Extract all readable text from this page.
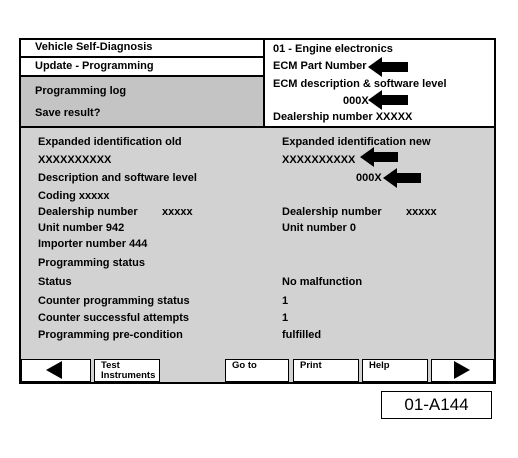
Vehicle Self-Diagnosis
Update - Programming
Programming log
Save result?
01 - Engine electronics
ECM Part Number
ECM description & software level
000X
Dealership number XXXXX
Expanded identification old	Expanded identification new
XXXXXXXXXX	XXXXXXXXXX
Description and software level	000X
Coding xxxxx
Dealership number xxxxx	Dealership number xxxxx
Unit number 942	Unit number 0
Importer number 444
Programming status
Status	No malfunction
Counter programming status	1
Counter successful attempts	1
Programming pre-condition	fulfilled
Test
Instruments
Go to	Print	Help
01-A144
